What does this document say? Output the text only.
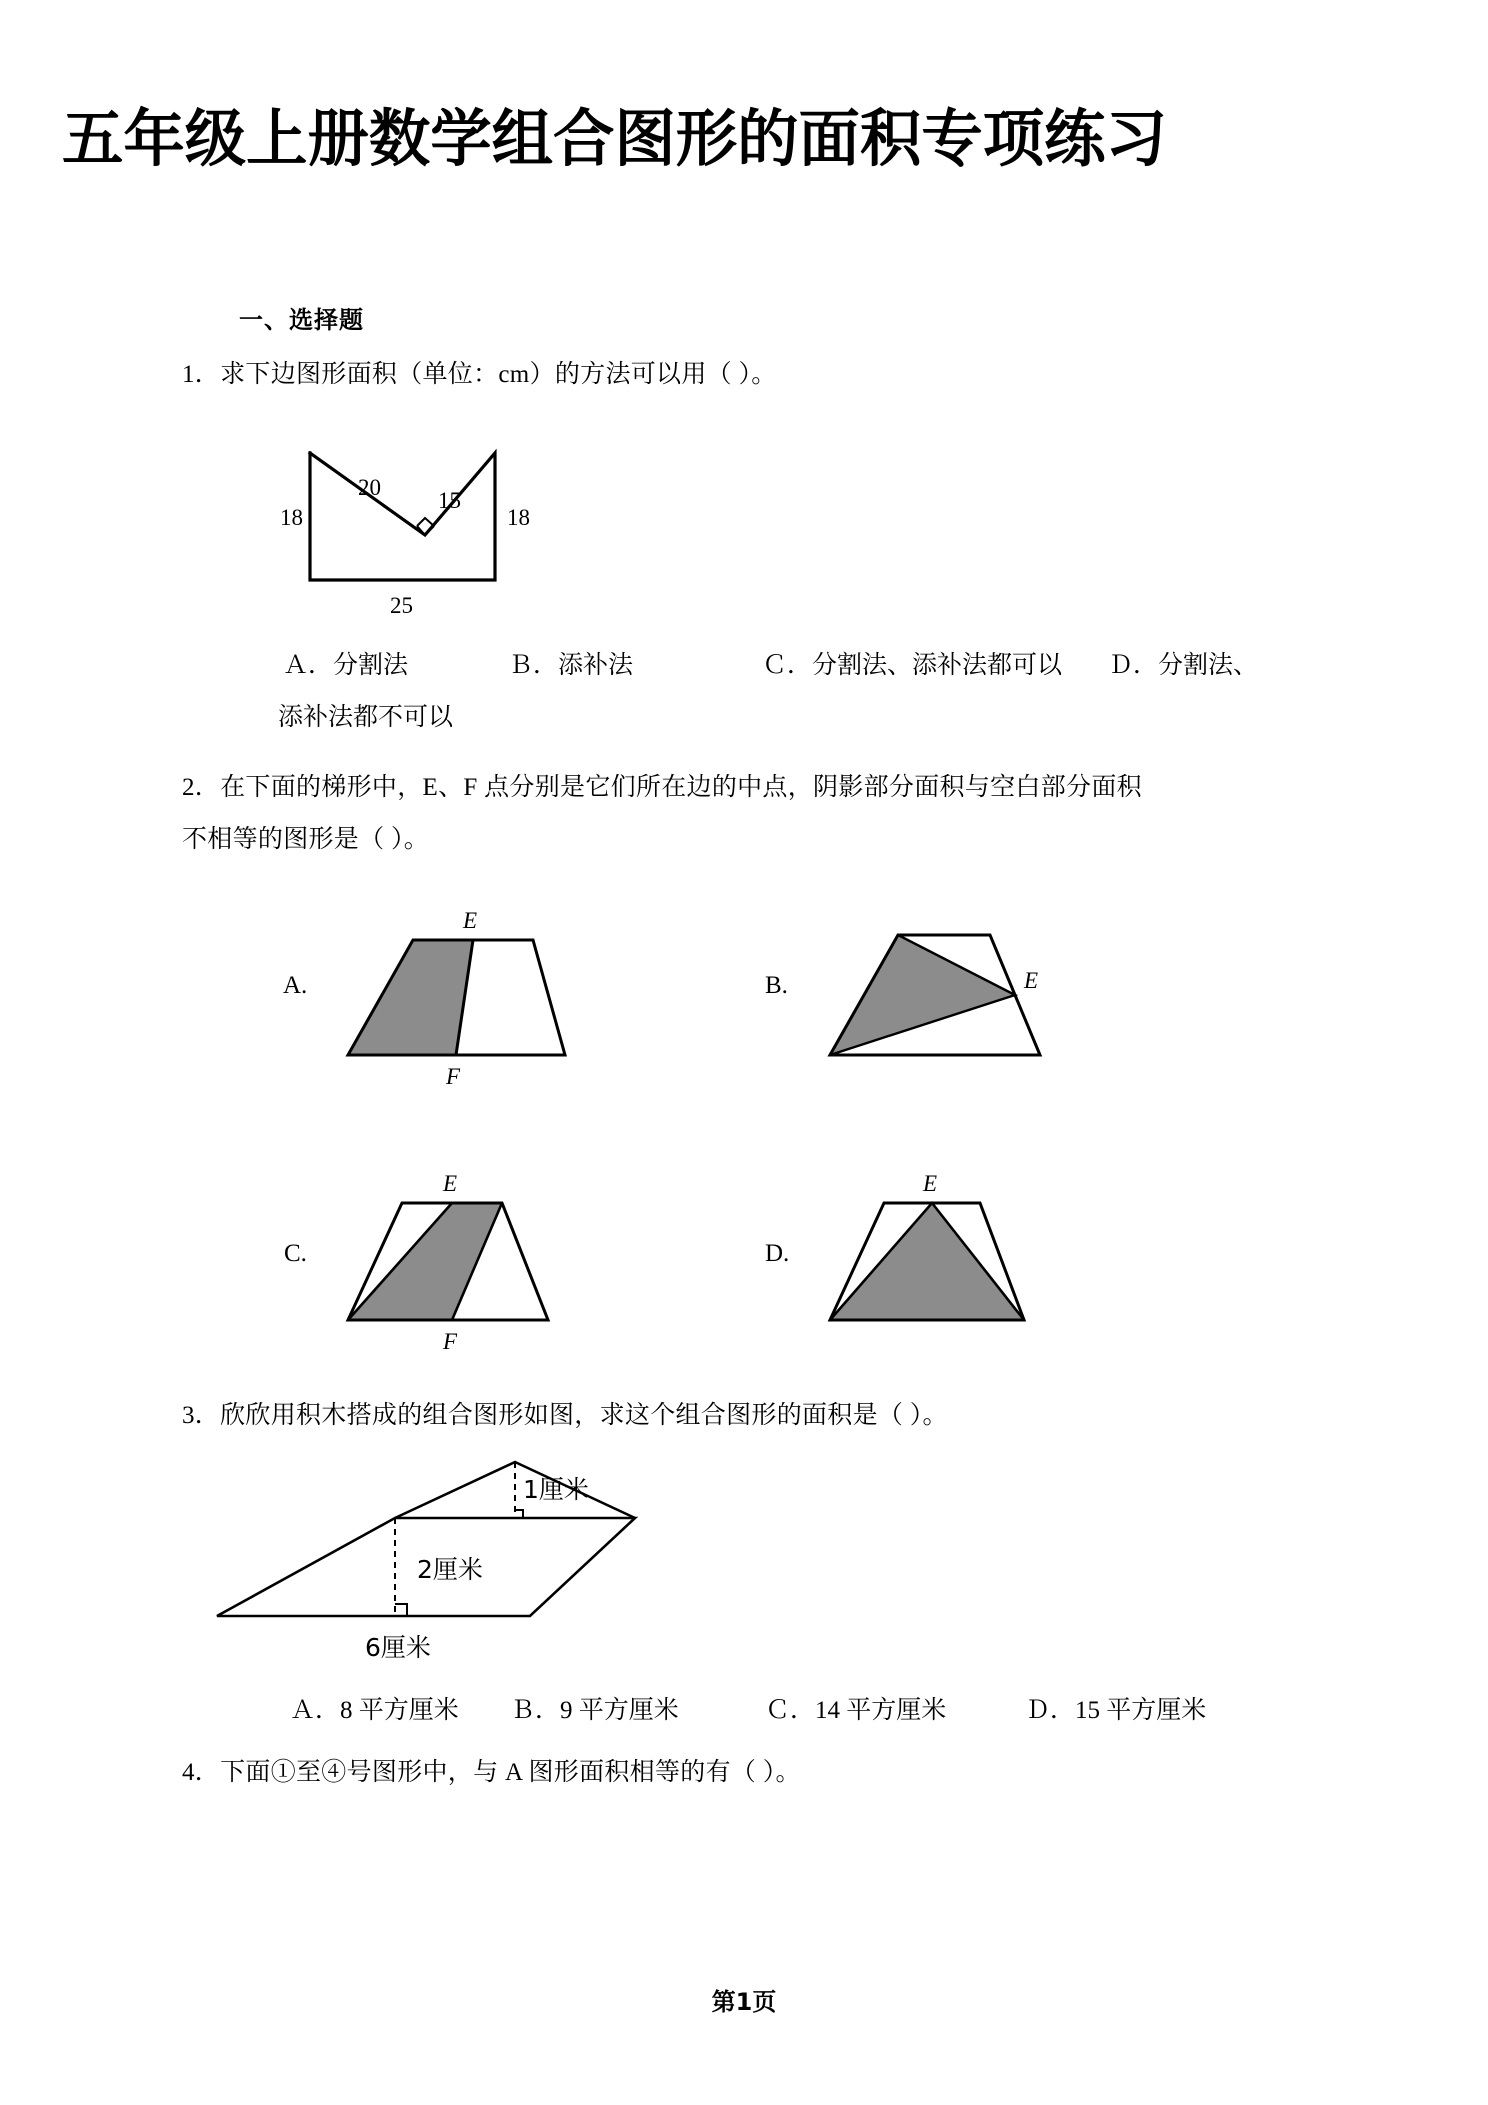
五年级上册数学组合图形的面积专项练习
一、选择题
1．求下边图形面积（单位：cm）的方法可以用（ ）。
18
20
15
18
25
Ａ．分割法	Ｂ．添补法	Ｃ．分割法、添补法都可以 Ｄ．分割法、
添补法都不可以
2．在下面的梯形中，E、F 点分别是它们所在边的中点，阴影部分面积与空白部分面积
不相等的图形是（ ）。
A.
E
F
B.	E
C.
E
F
D.
E
3．欣欣用积木搭成的组合图形如图，求这个组合图形的面积是（ ）。
1厘米
2厘米
6厘米
Ａ．8 平方厘米 Ｂ．9 平方厘米	Ｃ．14 平方厘米	Ｄ．15 平方厘米
4．下面①至④号图形中，与 A 图形面积相等的有（ ）。
第1页
